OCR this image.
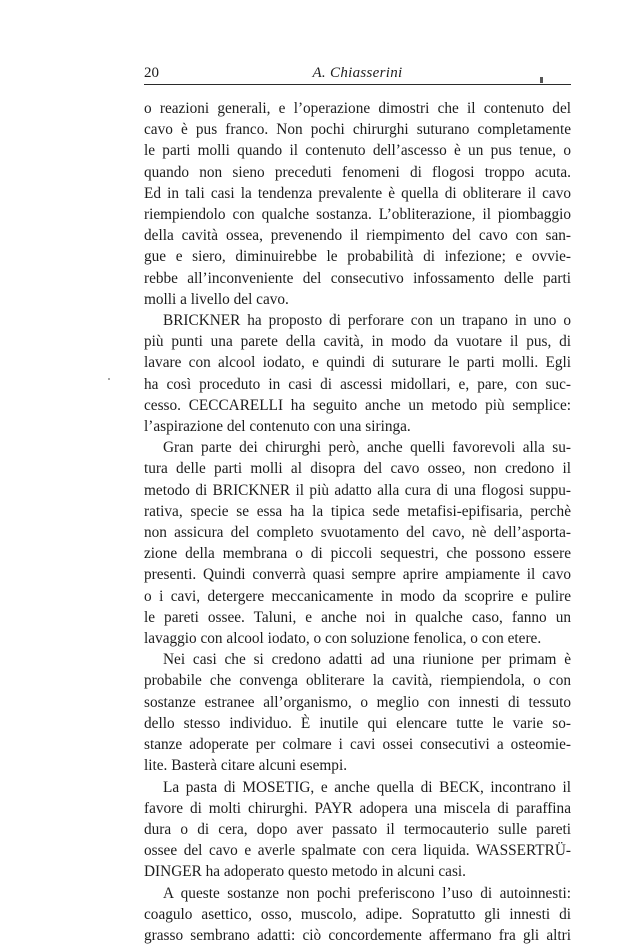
20	A. Chiasserini
o reazioni generali, e l’operazione dimostri che il contenuto del
cavo è pus franco. Non pochi chirurghi suturano completamente
le parti molli quando il contenuto dell’ascesso è un pus tenue, o
quando non sieno preceduti fenomeni di flogosi troppo acuta.
Ed in tali casi la tendenza prevalente è quella di obliterare il cavo
riempiendolo con qualche sostanza. L’obliterazione, il piombaggio
della cavità ossea, prevenendo il riempimento del cavo con san-
gue e siero, diminuirebbe le probabilità di infezione; e ovvie-
rebbe all’inconveniente del consecutivo infossamento delle parti
molli a livello del cavo.
BRICKNER ha proposto di perforare con un trapano in uno o
più punti una parete della cavità, in modo da vuotare il pus, di
lavare con alcool iodato, e quindi di suturare le parti molli. Egli
ha così proceduto in casi di ascessi midollari, e, pare, con suc-
cesso. CECCARELLI ha seguito anche un metodo più semplice:
l’aspirazione del contenuto con una siringa.
Gran parte dei chirurghi però, anche quelli favorevoli alla su-
tura delle parti molli al disopra del cavo osseo, non credono il
metodo di BRICKNER il più adatto alla cura di una flogosi suppu-
rativa, specie se essa ha la tipica sede metafisi-epifisaria, perchè
non assicura del completo svuotamento del cavo, nè dell’asporta-
zione della membrana o di piccoli sequestri, che possono essere
presenti. Quindi converrà quasi sempre aprire ampiamente il cavo
o i cavi, detergere meccanicamente in modo da scoprire e pulire
le pareti ossee. Taluni, e anche noi in qualche caso, fanno un
lavaggio con alcool iodato, o con soluzione fenolica, o con etere.
Nei casi che si credono adatti ad una riunione per primam è
probabile che convenga obliterare la cavità, riempiendola, o con
sostanze estranee all’organismo, o meglio con innesti di tessuto
dello stesso individuo. È inutile qui elencare tutte le varie so-
stanze adoperate per colmare i cavi ossei consecutivi a osteomie-
lite. Basterà citare alcuni esempi.
La pasta di MOSETIG, e anche quella di BECK, incontrano il
favore di molti chirurghi. PAYR adopera una miscela di paraffina
dura o di cera, dopo aver passato il termocauterio sulle pareti
ossee del cavo e averle spalmate con cera liquida. WASSERTRÜ-
DINGER ha adoperato questo metodo in alcuni casi.
A queste sostanze non pochi preferiscono l’uso di autoinnesti:
coagulo asettico, osso, muscolo, adipe. Sopratutto gli innesti di
grasso sembrano adatti: ciò concordemente affermano fra gli altri
